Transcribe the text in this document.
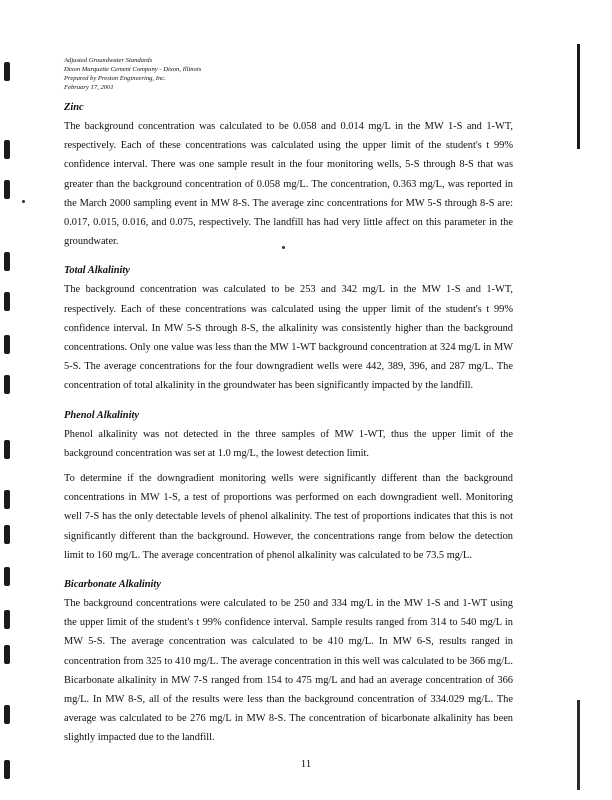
Adjusted Groundwater Standards
Dixon Marquette Cement Company - Dixon, Illinois
Prepared by Preston Engineering, Inc.
February 17, 2001
Zinc

The background concentration was calculated to be 0.058 and 0.014 mg/L in the MW 1-S and 1-WT, respectively. Each of these concentrations was calculated using the upper limit of the student's t 99% confidence interval. There was one sample result in the four monitoring wells, 5-S through 8-S that was greater than the background concentration of 0.058 mg/L. The concentration, 0.363 mg/L, was reported in the March 2000 sampling event in MW 8-S. The average zinc concentrations for MW 5-S through 8-S are: 0.017, 0.015, 0.016, and 0.075, respectively. The landfill has had very little affect on this parameter in the groundwater.

Total Alkalinity

The background concentration was calculated to be 253 and 342 mg/L in the MW 1-S and 1-WT, respectively. Each of these concentrations was calculated using the upper limit of the student's t 99% confidence interval. In MW 5-S through 8-S, the alkalinity was consistently higher than the background concentrations. Only one value was less than the MW 1-WT background concentration at 324 mg/L in MW 5-S. The average concentrations for the four downgradient wells were 442, 389, 396, and 287 mg/L. The concentration of total alkalinity in the groundwater has been significantly impacted by the landfill.

Phenol Alkalinity

Phenol alkalinity was not detected in the three samples of MW 1-WT, thus the upper limit of the background concentration was set at 1.0 mg/L, the lowest detection limit.

To determine if the downgradient monitoring wells were significantly different than the background concentrations in MW 1-S, a test of proportions was performed on each downgradient well. Monitoring well 7-S has the only detectable levels of phenol alkalinity. The test of proportions indicates that this is not significantly different than the background. However, the concentrations range from below the detection limit to 160 mg/L. The average concentration of phenol alkalinity was calculated to be 73.5 mg/L.

Bicarbonate Alkalinity

The background concentrations were calculated to be 250 and 334 mg/L in the MW 1-S and 1-WT using the upper limit of the student's t 99% confidence interval. Sample results ranged from 314 to 540 mg/L in MW 5-S. The average concentration was calculated to be 410 mg/L. In MW 6-S, results ranged in concentration from 325 to 410 mg/L. The average concentration in this well was calculated to be 366 mg/L. Bicarbonate alkalinity in MW 7-S ranged from 154 to 475 mg/L and had an average concentration of 366 mg/L. In MW 8-S, all of the results were less than the background concentration of 334.029 mg/L. The average was calculated to be 276 mg/L in MW 8-S. The concentration of bicarbonate alkalinity has been slightly impacted due to the landfill.

11
